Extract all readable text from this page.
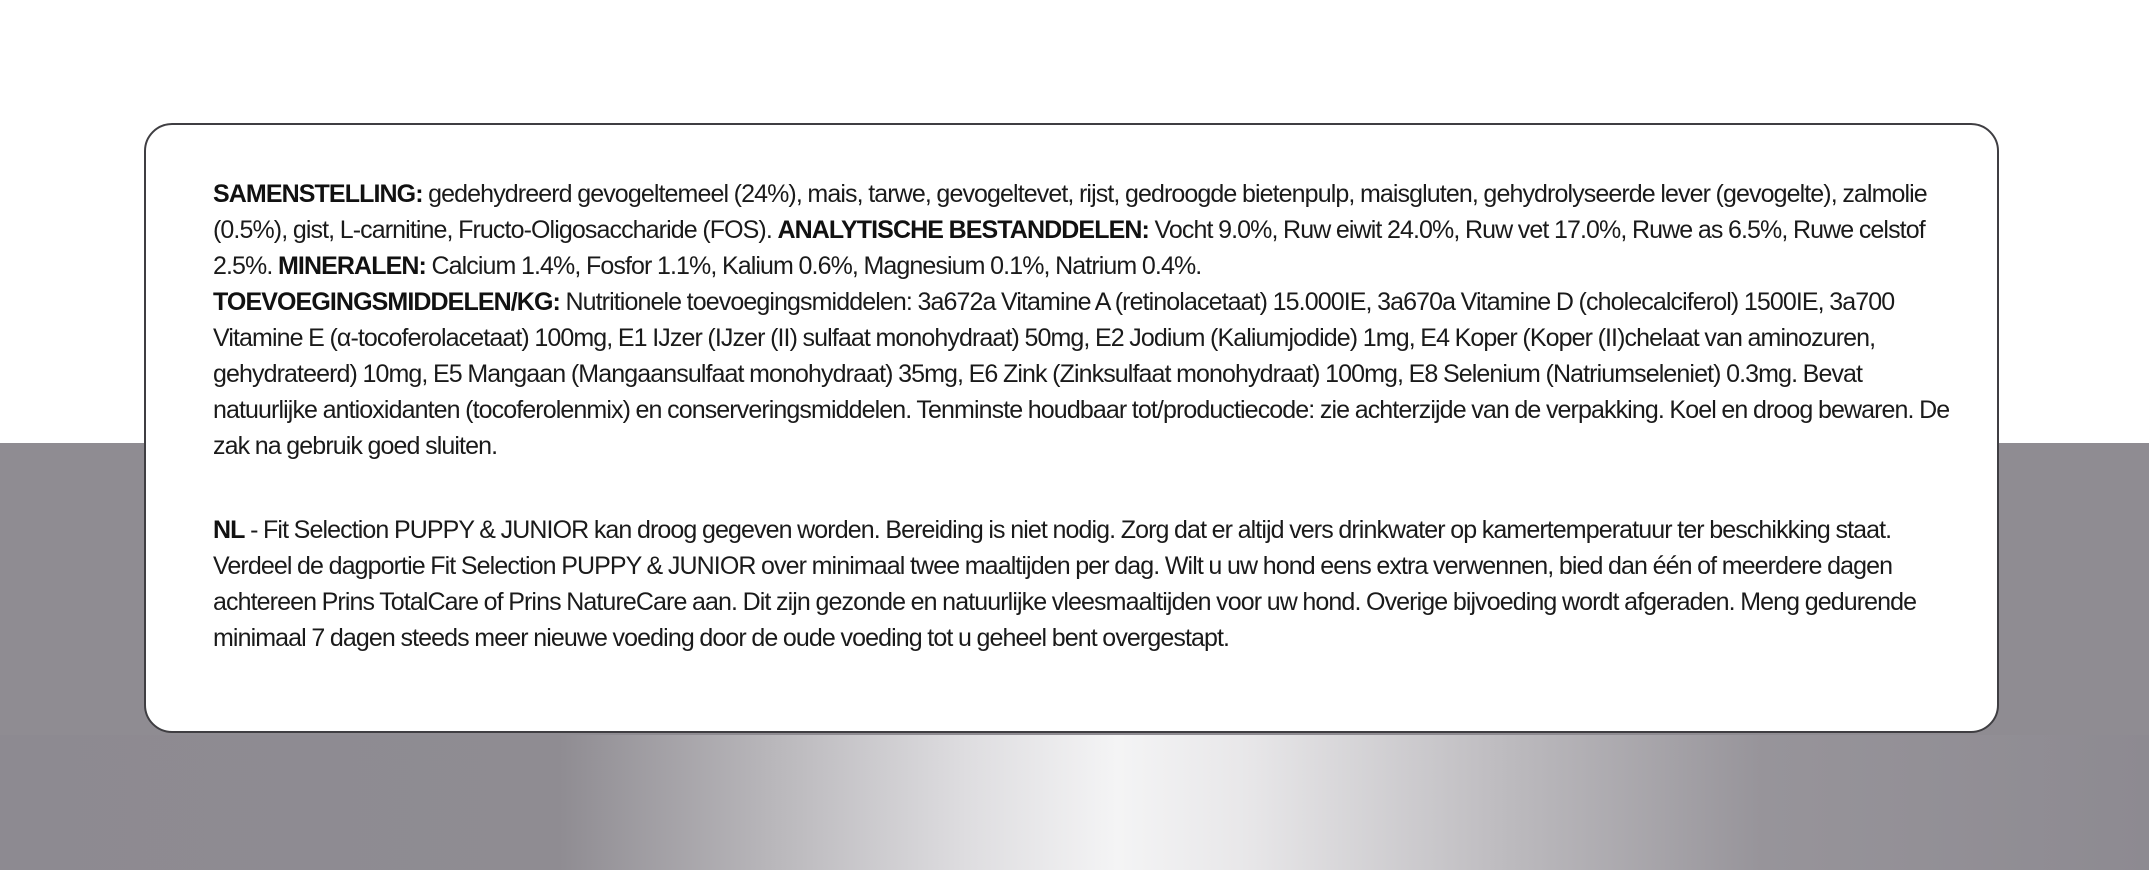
SAMENSTELLING: gedehydreerd gevogeltemeel (24%), mais, tarwe, gevogeltevet, rijst, gedroogde bietenpulp, maisgluten, gehydrolyseerde lever (gevogelte), zalmolie (0.5%), gist, L-carnitine, Fructo-Oligosaccharide (FOS). ANALYTISCHE BESTANDDELEN: Vocht 9.0%, Ruw eiwit 24.0%, Ruw vet 17.0%, Ruwe as 6.5%, Ruwe celstof 2.5%. MINERALEN: Calcium 1.4%, Fosfor 1.1%, Kalium 0.6%, Magnesium 0.1%, Natrium 0.4%.
TOEVOEGINGSMIDDELEN/KG: Nutritionele toevoegingsmiddelen: 3a672a Vitamine A (retinolacetaat) 15.000IE, 3a670a Vitamine D (cholecalciferol) 1500IE, 3a700 Vitamine E (α-tocoferolacetaat) 100mg, E1 IJzer (IJzer (II) sulfaat monohydraat) 50mg, E2 Jodium (Kaliumjodide) 1mg, E4 Koper (Koper (II)chelaat van aminozuren, gehydrateerd) 10mg, E5 Mangaan (Mangaansulfaat monohydraat) 35mg, E6 Zink (Zinksulfaat monohydraat) 100mg, E8 Selenium (Natriumseleniet) 0.3mg. Bevat natuurlijke antioxidanten (tocoferolenmix) en conserveringsmiddelen. Tenminste houdbaar tot/productiecode: zie achterzijde van de verpakking. Koel en droog bewaren. De zak na gebruik goed sluiten.

NL - Fit Selection PUPPY & JUNIOR kan droog gegeven worden. Bereiding is niet nodig. Zorg dat er altijd vers drinkwater op kamertemperatuur ter beschikking staat. Verdeel de dagportie Fit Selection PUPPY & JUNIOR over minimaal twee maaltijden per dag. Wilt u uw hond eens extra verwennen, bied dan één of meerdere dagen achtereen Prins TotalCare of Prins NatureCare aan. Dit zijn gezonde en natuurlijke vleesmaaltijden voor uw hond. Overige bijvoeding wordt afgeraden. Meng gedurende minimaal 7 dagen steeds meer nieuwe voeding door de oude voeding tot u geheel bent overgestapt.
